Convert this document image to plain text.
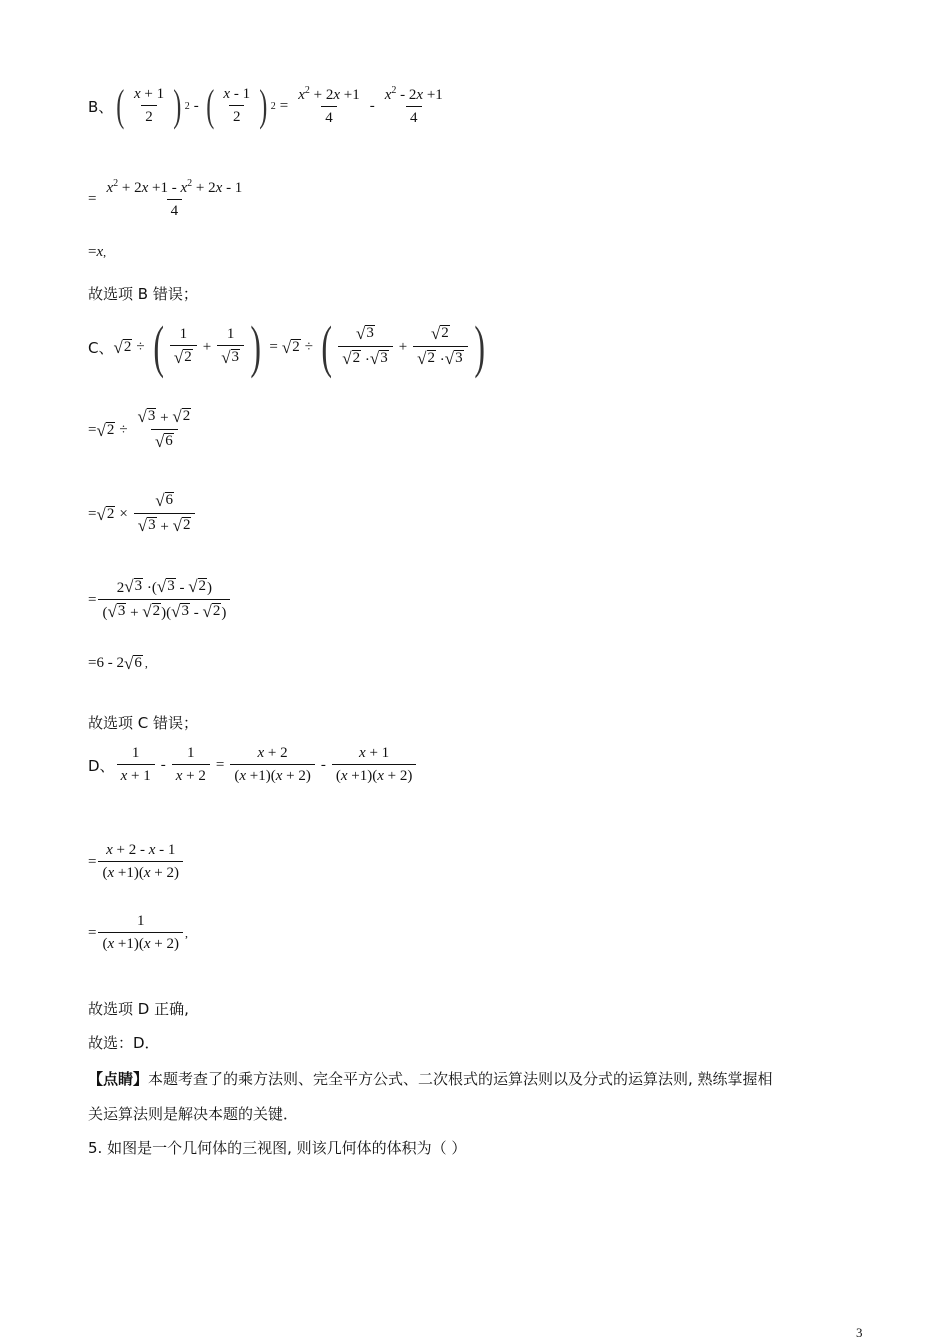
B、 ( $\frac{x + 1}{2}$ ) 2 - ( $\frac{x - 1}{2}$ ) $2 = \frac{x^2 + 2x +1}{4} - \frac{x^2 - 2x +1}{4}$
= $\frac{x^2 + 2x +1 - x^2 + 2x - 1}{4}$
=x,
故选项 B 错误；
C、 √ 2 ÷ ( $\frac{1}{√ 2} + \frac{1}{√ 3}$ ) = √ 2 ÷ ( $\frac{√ 3}{√ 2 \cdot √ 3} + \frac{√ 2}{√ 2 \cdot √ 3}$ )
= √ $2 \div \frac{√ 3 + √ 2}{√ 6}$
= √ $2 \times \frac{√ 6}{√ 3 + √ 2}$
= $\frac{2 √ 3 \cdot( √ 3 - √ 2 )}{( √ 3 + √ 2 )( √ 3 - √ 2 )}$
=6 - 2 √ 6 ,
故选项 C 错误；
D、 $\frac{1}{x + 1} - \frac{1}{x + 2} = \frac{x + 2}{(x +1)(x + 2)} - \frac{x + 1}{(x +1)(x + 2)}$
= $\frac{x + 2 - x - 1}{(x +1)(x + 2)}$
= $\frac{1}{(x +1)(x + 2)}$ ,
故选项 D 正确,
故选：D．
【点睛】本题考查了的乘方法则、完全平方公式、二次根式的运算法则以及分式的运算法则, 熟练掌握相
关运算法则是解决本题的关键．
5. 如图是一个几何体的三视图, 则该几何体的体积为（ ）
3
